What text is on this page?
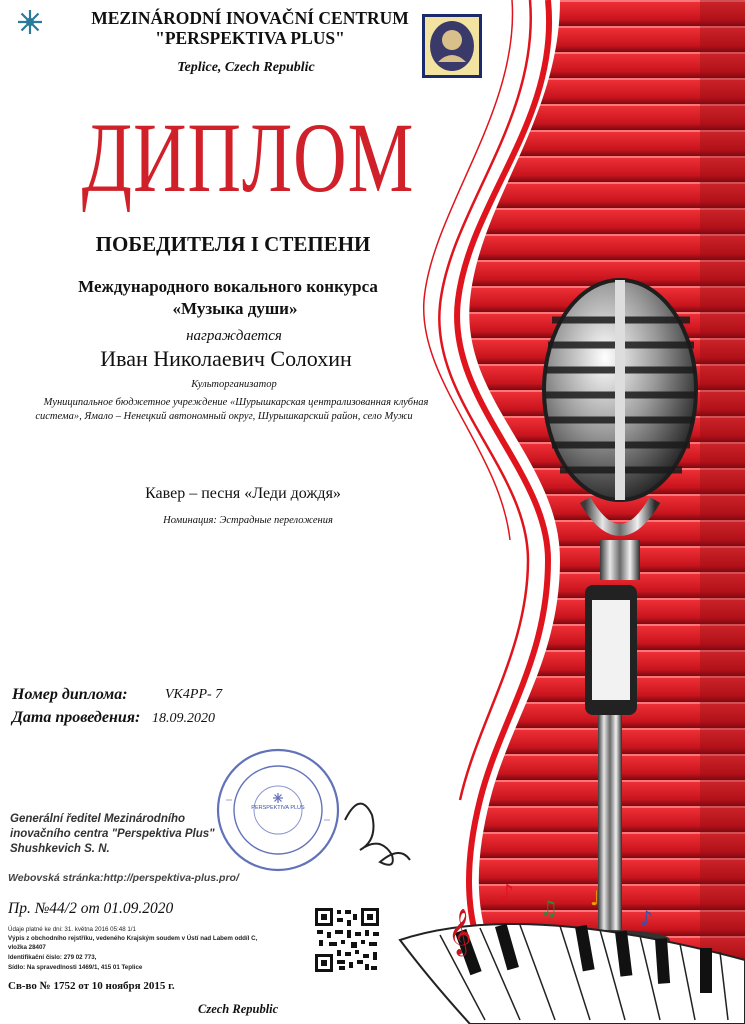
𝄞
♪
♫ ♩
♪
MEZINÁRODNÍ INOVAČNÍ CENTRUM
"PERSPEKTIVA PLUS"
Teplice, Czech Republic
ДИПЛОМ
ПОБЕДИТЕЛЯ I СТЕПЕНИ
Международного вокального конкурса
«Музыка души»
награждается
Иван Николаевич Солохин
Культорганизатор
Муниципальное бюджетное учреждение «Шурышкарская централизованная клубная
система», Ямало – Ненецкий автономный округ, Шурышкарский район, село Мужи
Кавер – песня «Леди дождя»
Номинация: Эстрадные переложения
Номер диплома:	VK4PP- 7
Дата проведения: 18.09.2020
PERSPEKTIVA PLUS
Generální ředitel Mezinárodního
inovačního centra "Perspektiva Plus"
Shushkevich S. N.
Webovská stránka:http://perspektiva-plus.pro/
Пр. №44/2 от 01.09.2020
Údaje platné ke dni: 31. května 2016 05:48 1/1
Výpis z obchodního rejstříku, vedeného Krajským soudem v Ústí nad Labem oddíl C,
vložka 28407
Identifikační číslo: 279 02 773,
Sídlo: Na spravedlnosti 1469/1, 415 01 Teplice
Св-во № 1752 от 10 ноября 2015 г.
Czech Republic
